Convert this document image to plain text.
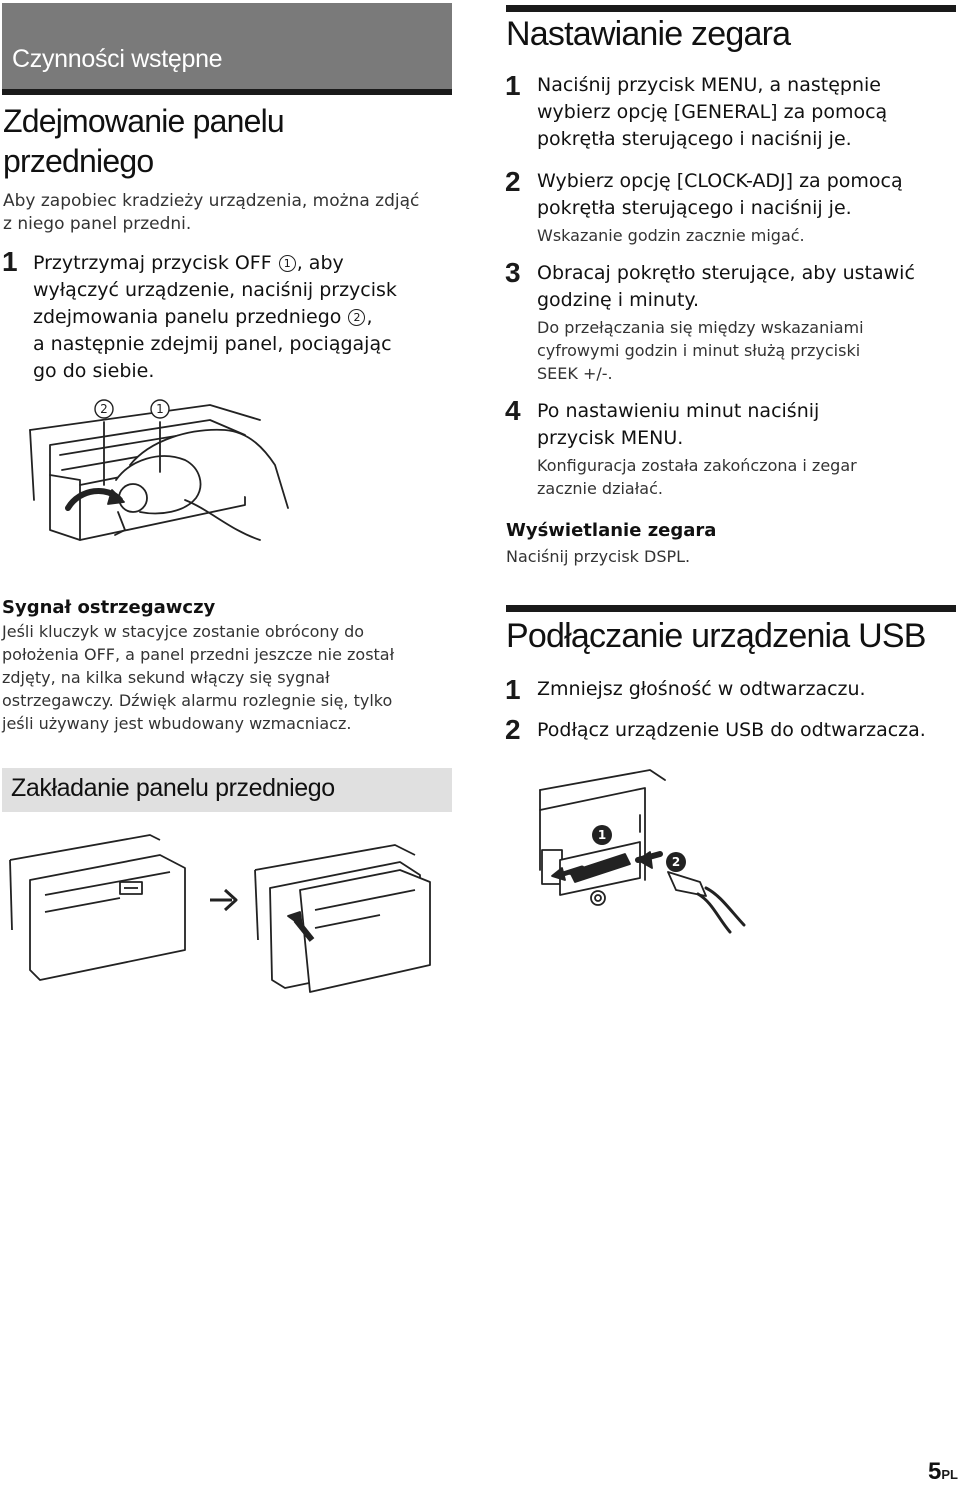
Czynności wstępne
Zdejmowanie panelu
przedniego
Aby zapobiec kradzieży urządzenia, można zdjąć
z niego panel przedni.
1 Przytrzymaj przycisk OFF 1 , aby
wyłączyć urządzenie, naciśnij przycisk
zdejmowania panelu przedniego 2 ,
a następnie zdejmij panel, pociągając
go do siebie.
2	1
Sygnał ostrzegawczy
Jeśli kluczyk w stacyjce zostanie obrócony do
położenia OFF, a panel przedni jeszcze nie został
zdjęty, na kilka sekund włączy się sygnał
ostrzegawczy. Dźwięk alarmu rozlegnie się, tylko
jeśli używany jest wbudowany wzmacniacz.
Zakładanie panelu przedniego
Nastawianie zegara
1 Naciśnij przycisk MENU, a następnie
wybierz opcję [GENERAL] za pomocą
pokrętła sterującego i naciśnij je.
2 Wybierz opcję [CLOCK-ADJ] za pomocą
pokrętła sterującego i naciśnij je.
Wskazanie godzin zacznie migać.
3 Obracaj pokrętło sterujące, aby ustawić
godzinę i minuty.
Do przełączania się między wskazaniami
cyfrowymi godzin i minut służą przyciski
SEEK +/-.
4 Po nastawieniu minut naciśnij
przycisk MENU.
Konfiguracja została zakończona i zegar
zacznie działać.
Wyświetlanie zegara
Naciśnij przycisk DSPL.
Podłączanie urządzenia USB
1 Zmniejsz głośność w odtwarzaczu.
2 Podłącz urządzenie USB do odtwarzacza.
1
2
5PL
